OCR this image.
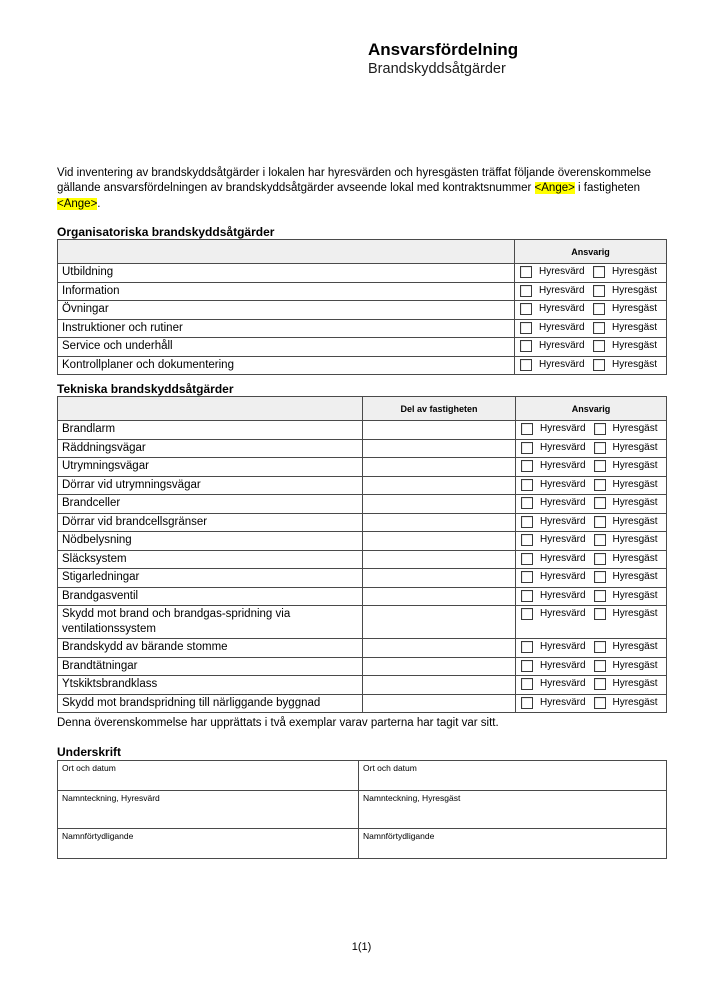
Ansvarsfördelning
Brandskyddsåtgärder

Vid inventering av brandskyddsåtgärder i lokalen har hyresvärden och hyresgästen träffat följande överenskommelse gällande ansvarsfördelningen av brandskyddsåtgärder avseende lokal med kontraktsnummer <Ange> i fastigheten <Ange>.

Organisatoriska brandskyddsåtgärder
	Ansvarig
Utbildning	Hyresvärd Hyresgäst

Information	Hyresvärd Hyresgäst

Övningar	Hyresvärd Hyresgäst

Instruktioner och rutiner	Hyresvärd Hyresgäst

Service och underhåll	Hyresvärd Hyresgäst

Kontrollplaner och dokumentering	Hyresvärd Hyresgäst
Tekniska brandskyddsåtgärder
	Del av fastigheten	Ansvarig
Brandlarm		Hyresvärd Hyresgäst

Räddningsvägar		Hyresvärd Hyresgäst

Utrymningsvägar		Hyresvärd Hyresgäst

Dörrar vid utrymningsvägar		Hyresvärd Hyresgäst

Brandceller		Hyresvärd Hyresgäst

Dörrar vid brandcellsgränser		Hyresvärd Hyresgäst

Nödbelysning		Hyresvärd Hyresgäst

Släcksystem		Hyresvärd Hyresgäst

Stigarledningar		Hyresvärd Hyresgäst

Brandgasventil		Hyresvärd Hyresgäst

Skydd mot brand och brandgas-spridning via ventilationssystem		Hyresvärd Hyresgäst

Brandskydd av bärande stomme		Hyresvärd Hyresgäst

Brandtätningar		Hyresvärd Hyresgäst

Ytskiktsbrandklass		Hyresvärd Hyresgäst

Skydd mot brandspridning till närliggande byggnad		Hyresvärd Hyresgäst

Denna överenskommelse har upprättats i två exemplar varav parterna har tagit var sitt.

Underskrift
Ort och datum	Ort och datum
Namnteckning, Hyresvärd	Namnteckning, Hyresgäst
Namnförtydligande	Namnförtydligande
1(1)
